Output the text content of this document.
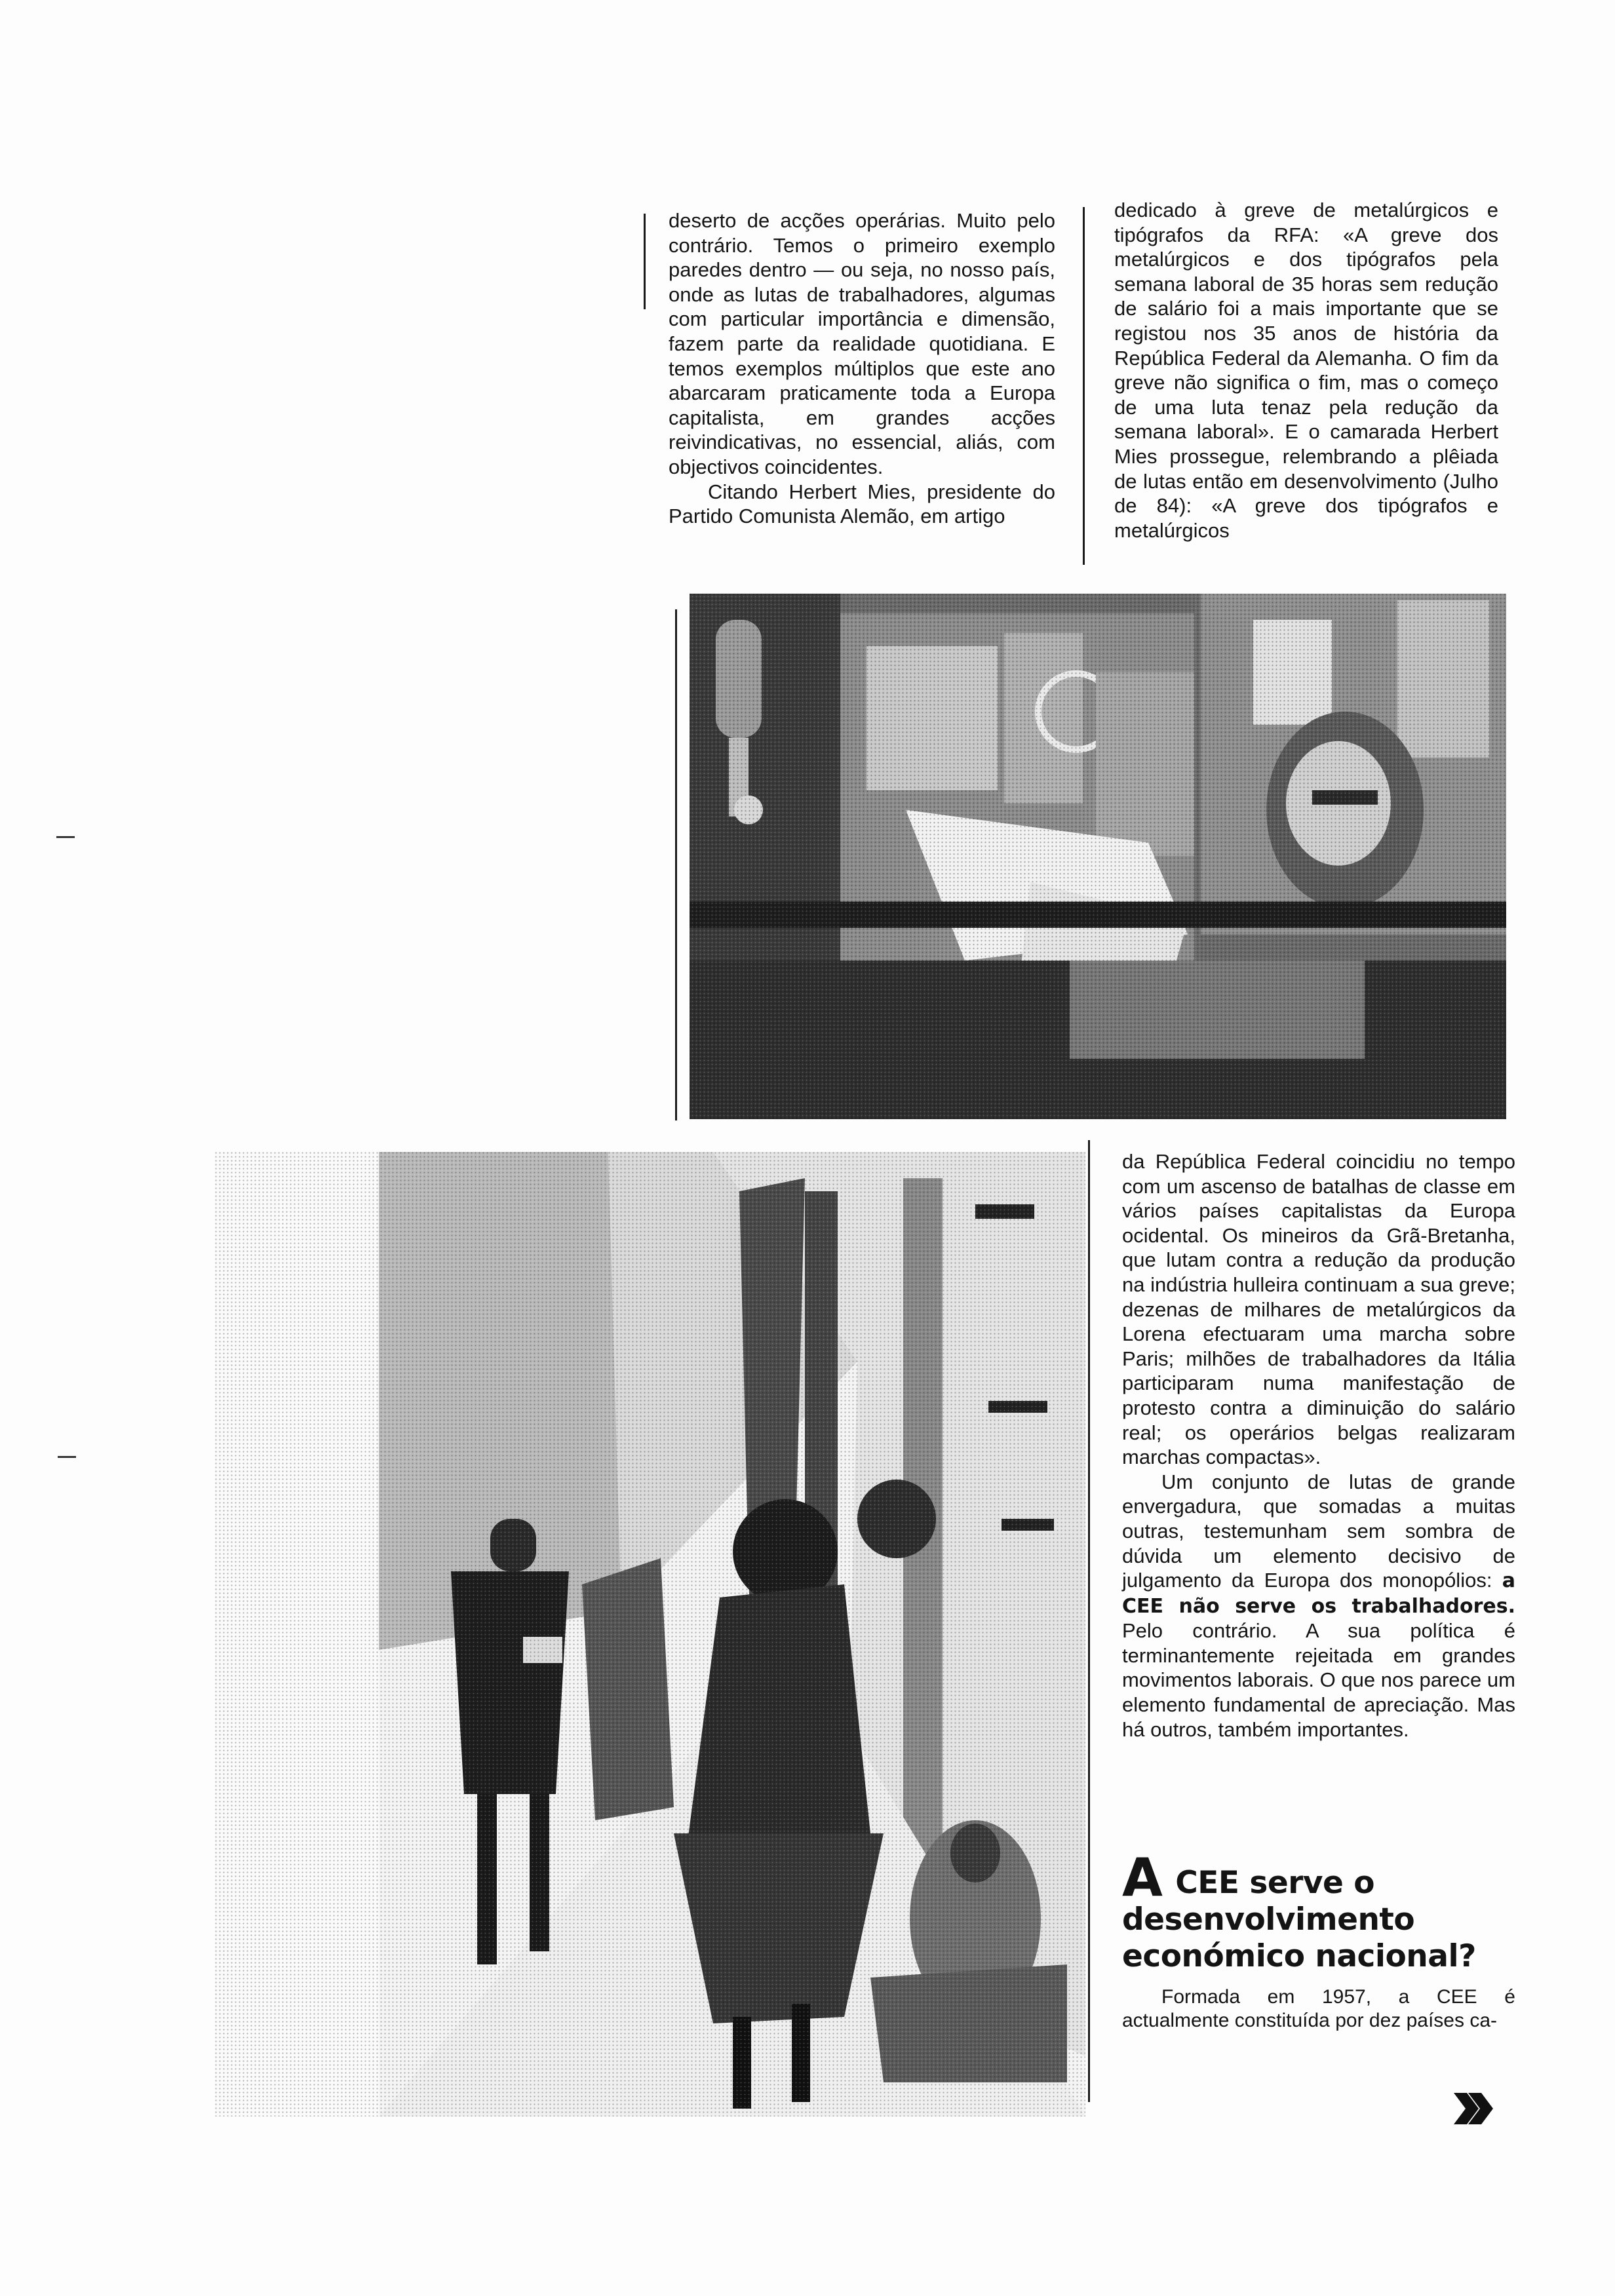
deserto de acções operárias. Muito pelo contrário. Temos o primeiro exemplo paredes dentro — ou seja, no nosso país, onde as lutas de trabalhadores, algumas com particular importância e dimensão, fazem parte da realidade quotidiana. E temos exemplos múltiplos que este ano abarcaram praticamente toda a Europa capitalista, em grandes acções reivindicativas, no essencial, aliás, com objectivos coincidentes.

Citando Herbert Mies, presidente do Partido Comunista Alemão, em artigo

dedicado à greve de metalúrgicos e tipógrafos da RFA: «A greve dos metalúrgicos e dos tipógrafos pela semana laboral de 35 horas sem redução de salário foi a mais importante que se registou nos 35 anos de história da República Federal da Alemanha. O fim da greve não significa o fim, mas o começo de uma luta tenaz pela redução da semana laboral». E o camarada Herbert Mies prossegue, relembrando a plêiada de lutas então em desenvolvimento (Julho de 84): «A greve dos tipógrafos e metalúrgicos

da República Federal coincidiu no tempo com um ascenso de batalhas de classe em vários países capitalistas da Europa ocidental. Os mineiros da Grã-Bretanha, que lutam contra a redução da produção na indústria hulleira continuam a sua greve; dezenas de milhares de metalúrgicos da Lorena efectuaram uma marcha sobre Paris; milhões de trabalhadores da Itália participaram numa manifestação de protesto contra a diminuição do salário real; os operários belgas realizaram marchas compactas».

Um conjunto de lutas de grande envergadura, que somadas a muitas outras, testemunham sem sombra de dúvida um elemento decisivo de julgamento da Europa dos monopólios: a CEE não serve os trabalhadores. Pelo contrário. A sua política é terminantemente rejeitada em grandes movimentos laborais. O que nos parece um elemento fundamental de apreciação. Mas há outros, também importantes.

A CEE serve o desenvolvimento económico nacional?

Formada em 1957, a CEE é actualmente constituída por dez países ca-
